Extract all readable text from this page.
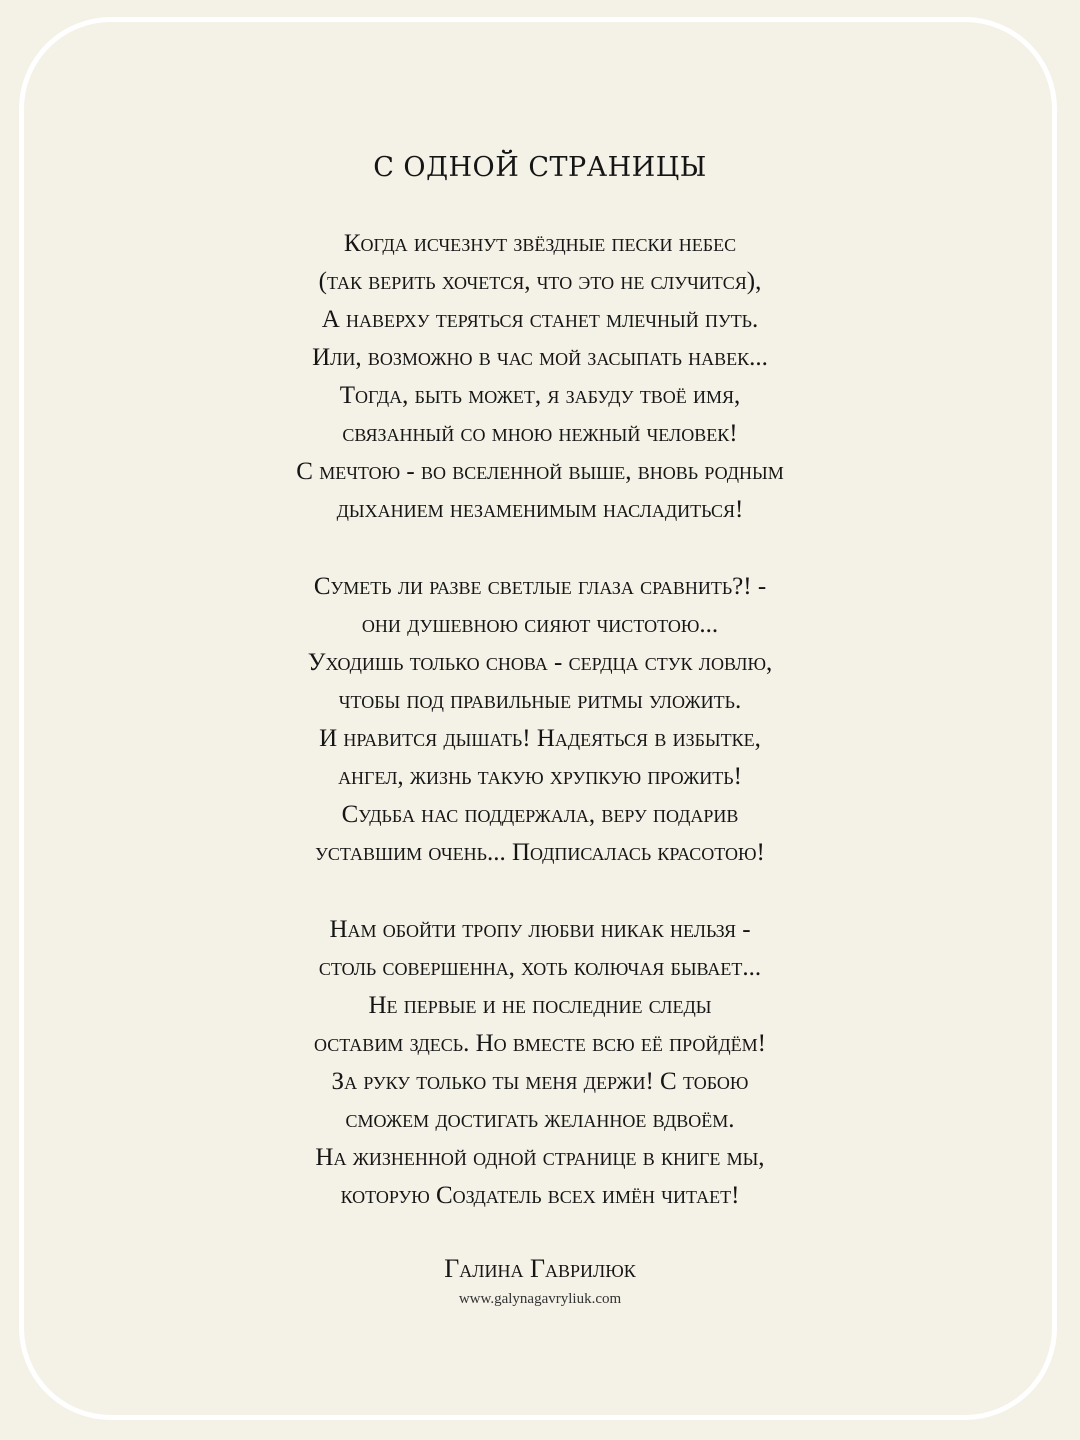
С ОДНОЙ СТРАНИЦЫ
Когда исчезнут звёздные пески небес
(так верить хочется, что это не случится),
А наверху теряться станет млечный путь.
Или, возможно в час мой засыпать навек...
Тогда, быть может, я забуду твоё имя,
связанный со мною нежный человек!
С мечтою - во вселенной выше, вновь родным
дыханием незаменимым насладиться!
Суметь ли разве светлые глаза сравнить?! -
они душевною сияют чистотою...
Уходишь только снова - сердца стук ловлю,
чтобы под правильные ритмы уложить.
И нравится дышать! Надеяться в избытке,
ангел, жизнь такую хрупкую прожить!
Судьба нас поддержала, веру подарив
уставшим очень... Подписалась красотою!
Нам обойти тропу любви никак нельзя -
столь совершенна, хоть колючая бывает...
Не первые и не последние следы
оставим здесь. Но вместе всю её пройдём!
За руку только ты меня держи! С тобою
сможем достигать желанное вдвоём.
На жизненной одной странице в книге мы,
которую Создатель всех имён читает!
Галина Гаврилюк
www.galynagavryliuk.com
